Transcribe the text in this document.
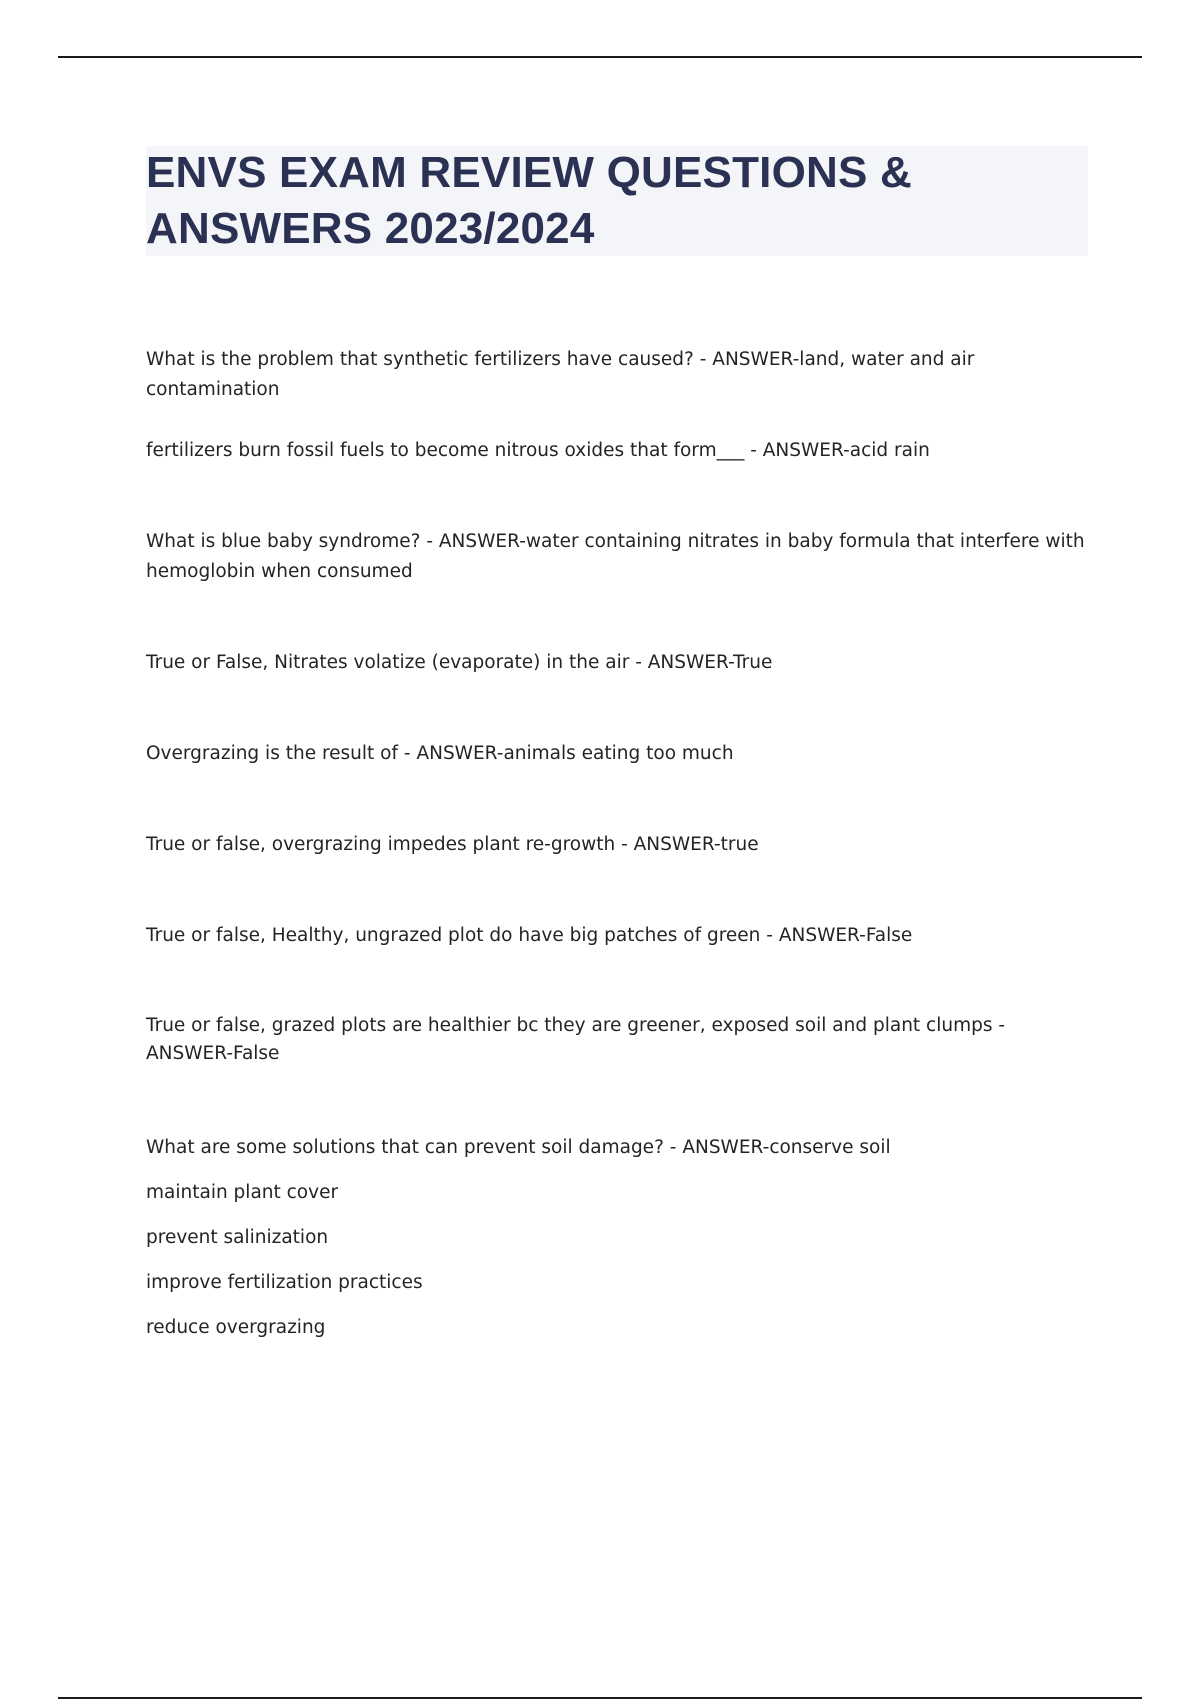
ENVS EXAM REVIEW QUESTIONS & ANSWERS 2023/2024

What is the problem that synthetic fertilizers have caused? - ANSWER-land, water and air contamination

fertilizers burn fossil fuels to become nitrous oxides that form___ - ANSWER-acid rain

What is blue baby syndrome? - ANSWER-water containing nitrates in baby formula that interfere with hemoglobin when consumed

True or False, Nitrates volatize (evaporate) in the air - ANSWER-True

Overgrazing is the result of - ANSWER-animals eating too much

True or false, overgrazing impedes plant re-growth - ANSWER-true

True or false, Healthy, ungrazed plot do have big patches of green - ANSWER-False

True or false, grazed plots are healthier bc they are greener, exposed soil and plant clumps - ANSWER-False

What are some solutions that can prevent soil damage? - ANSWER-conserve soil

maintain plant cover

prevent salinization

improve fertilization practices

reduce overgrazing
